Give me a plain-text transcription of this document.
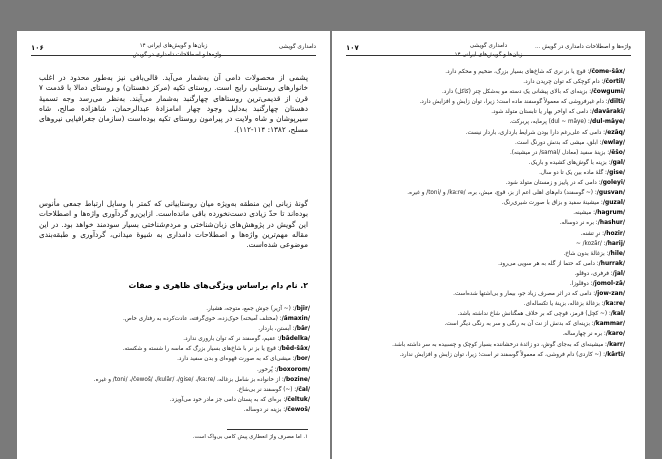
۱۰۶	زبان‌ها و گویش‌های ایرانی ۱۴
واژه‌ها و اصطلاحات دامداری در گویش ...
دامداری گویشی

پشمی از محصولات دامی آن به‌شمار می‌آید. قالی‌بافی نیز به‌طور محدود در اغلب خانوارهای روستایی رایج است. روستای تکیه (مرکز دهستان) و روستای دمالا با قدمت ۷ قرن از قدیمی‌ترین روستاهای چهارگنبد به‌شمار می‌آیند. به‌نظر می‌رسد وجه تسمیهٔ دهستان چهارگنبد به‌دلیل وجود چهار امامزادهٔ عبدالرحمان، شاهزاده صالح، شاه سیرپوشان و شاه ولایت در پیرامون روستای تکیه بوده‌است (سازمان جغرافیایی نیروهای مسلح، ۱۳۸۲: ۱۱۴-۱۱۲).

گونهٔ زبانی این منطقه به‌ویژه میان روستاییانی که کمتر با وسایل ارتباط جمعی مأنوس بوده‌اند تا حدّ زیادی دست‌نخورده باقی مانده‌است. ازاین‌رو گردآوری واژه‌ها و اصطلاحات این گویش در پژوهش‌های زبان‌شناختی و مردم‌شناختی بسیار سودمند خواهد بود. در این مقاله مهم‌ترین واژه‌ها و اصطلاحات دامداری به شیوهٔ میدانی، گردآوری و طبقه‌بندی موضوعی شده‌است.

۲. نام دام براساس ویژگی‌های ظاهری و صفات

/bjir/: (~ آژیر) جوش جمع، متوجه، هشیار.
/ămaxin/: (مختلف آمیخته) خوک‌زده، خوی‌گرفته، عادت‌کرده به رفتاری خاص.
/bār/: آبستن، باردار.
/bādelka/: عقیم، گوسفند نر که توان باروری ندارد.
/bēd-šāx/: قوچ یا بز نر با شاخ‌های بسیار بزرگ که ماسه را شسته و شکسته.
/bor/: میشی‌ای که به صورت قهوه‌ای و بدن سفید دارد.
/boxorom/: پُرخور.
/bozine/: از خانواده بز شامل بزغاله، /toni/ ،/čewoš/ ،/kulăr/ ،/gise/ ،/ka:re/ و غیره.
/čal/: (~) گوسفند نر بی‌شاخ.
/čeltuk/: بره‌ای که به پستان دامی جز مادر خود می‌آویزد.
/čewoš/: بزینه نر دوساله.

۱. اما مصرف واژ انعطاری پیش کامی بی‌واک است.

۱۰۷	دامداری گویشی
زبان‌ها و گویش‌های ایرانی ۱۴
واژه‌ها و اصطلاحات دامداری در گویش ...
/čome-šāx/: قوچ یا بز نری که شاخ‌های بسیار بزرگ، ضخیم و محکم دارد.
/čortil/: دام کوچکی که توان چریدن دارد.
/čowgumi/: بزینه‌ای که بالای پیشانی یک دسته مو به‌شکل چتر (کاکل) دارد.
/dilti/: دام غیرفروشی که معمولاً گوسفند ماده است؛ زیرا، توان زایش و افزایش دارد.
/davāraki/: دامی که اواخر بهار یا تابستان متولد شود.
/dul-māye/: (dul ~ māye) پرمایه، پربرکت.
/ezāq/: دامی که علی‌رغم دارا بودن شرایط بارداری، باردار نیست.
/ewlay/: ابلق، میشی که بدنش دورنگ است.
/ěšo/: بزینهٔ سفید (معادل /samal/ در میشینه).
/gal/: بزینه با گوش‌های کشیده و باریک.
/gise/: گلهٔ ماده بین یک تا دو سال.
/goleyi/: دامی که در پاییز و زمستان متولد شود.
/gusvan/: (~ گوسفند) دام‌های اهلی اعم از بز، قوچ، میش، بره، /ka:re/ و /toni/ و غیره.
/guzal/: میشینهٔ سفید و بزاق با صورت شیری‌رنگ.
/hagrum/: میشینه.
/hashur/: بره نر دوساله.
/hozir/: نرِ تشنه.
/harij/: /kozăr/ ~
/hile/: بزغالهٔ بدون شاخ.
/hurrak/: دامی که حتما از گله به هر سویی می‌رود.
/jal/: فرفری، دوقلو.
/jomol-zā/: دوقلوزا.
/jow-zan/: دامی که در اثر مصرف زیاد جو، بیمار و بی‌اشتها شده‌است.
/ka:re/: بزغالهٔ بزغاله، بزینهٔ یا تکساله‌ای.
/kal/: (~ کچل) قرمز، قوچی که بر خلاف همگنانش شاخ نداشته باشد.
/kammar/: بزینه‌ای که بدنش از نت آن به رنگی و سر به رنگی دیگر است.
/karo/: بره نر چهارساله.
/karr/: میشینه‌ای که به‌جای گوش، دو زائدهٔ درخشاننده بسیار کوچک و چسبیده به سر داشته باشد.
/kārti/: (~ کاردی) دام فروشی، که معمولاً گوسفند نر است؛ زیرا، توان زایش و افزایش ندارد.
